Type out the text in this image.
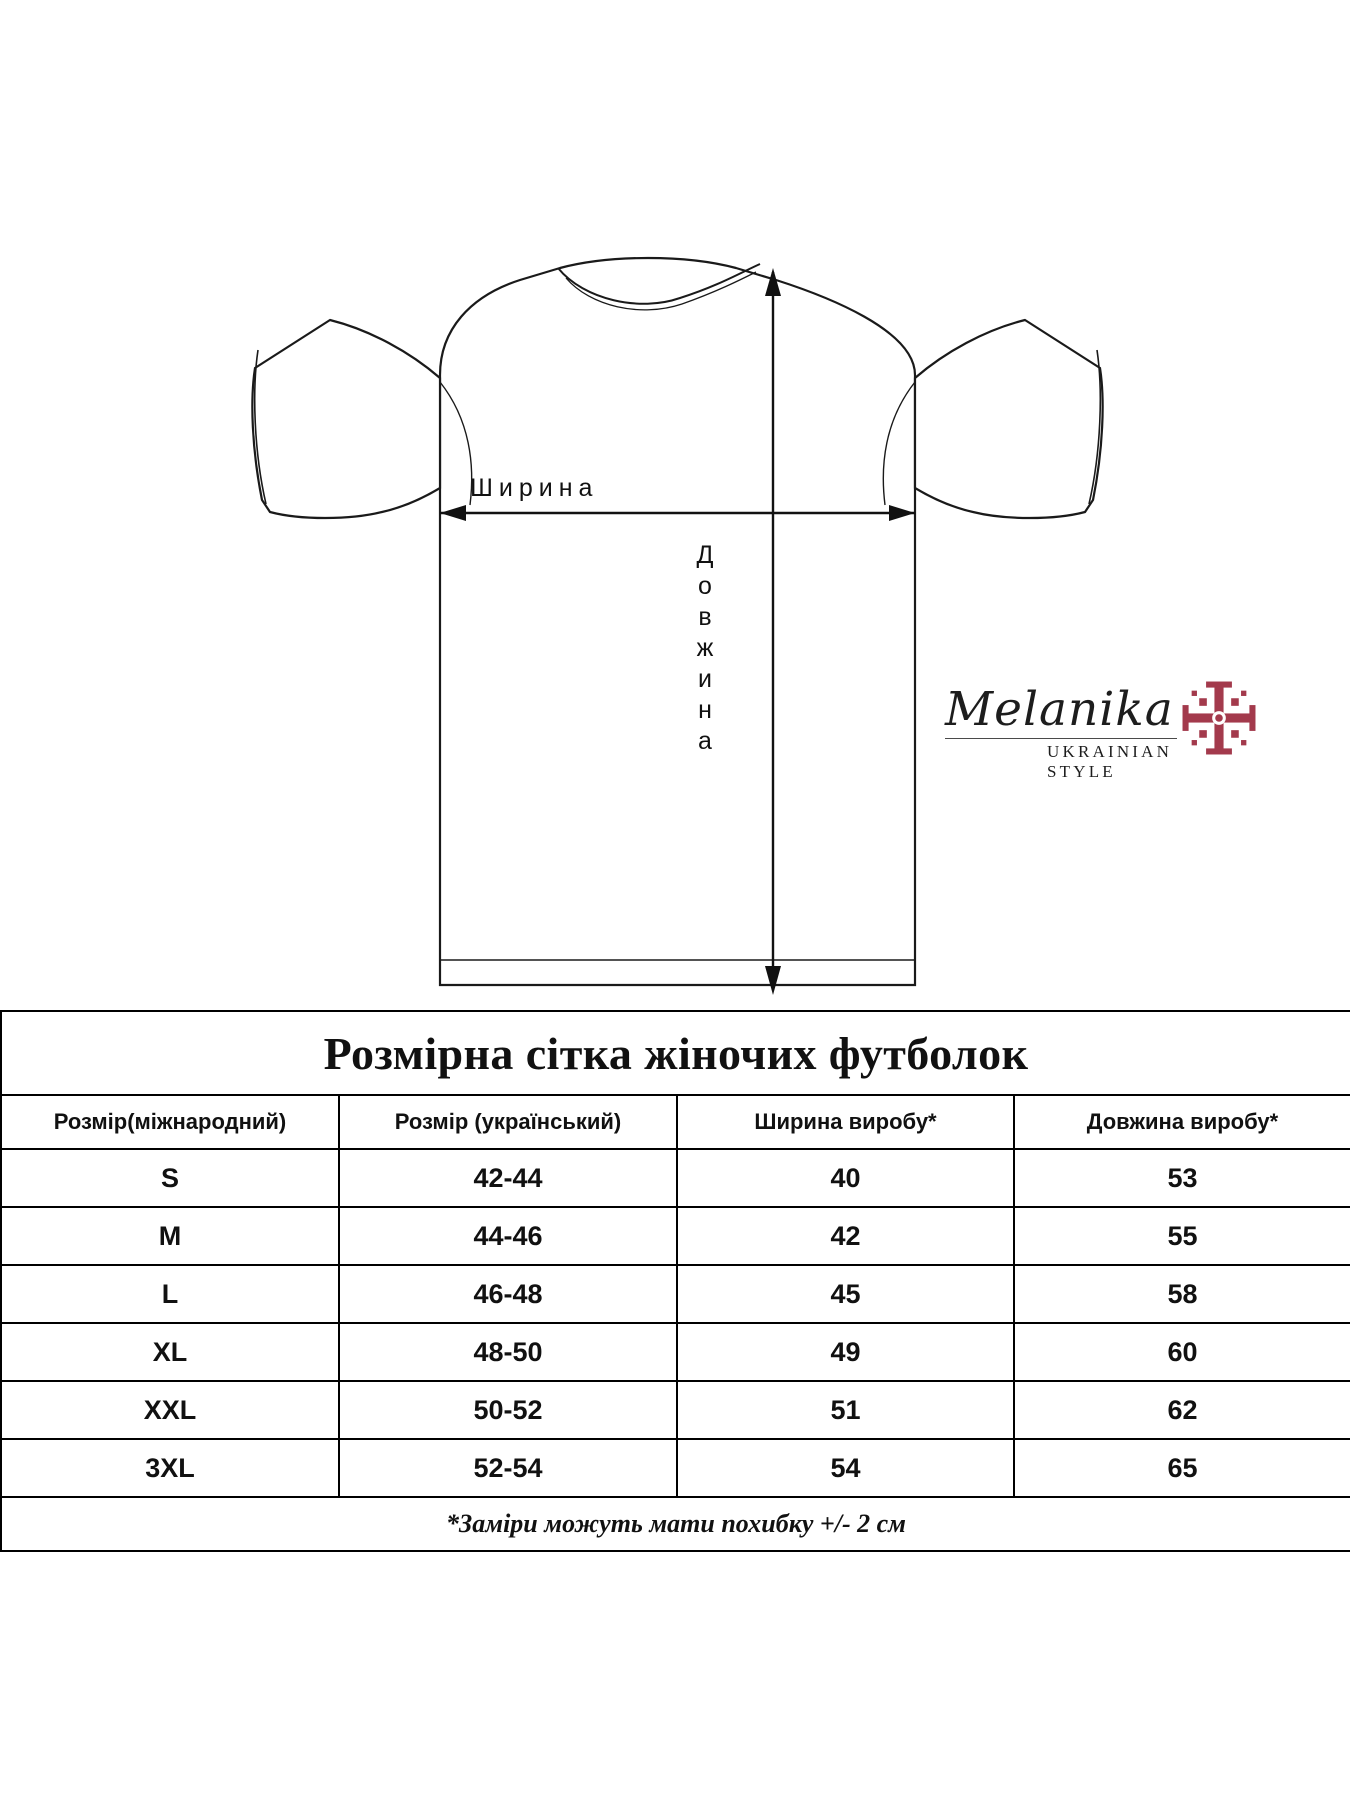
Ширина
Д
о
в
ж
и
н
а
Melanika
UKRAINIAN STYLE
Розмірна сітка жіночих футболок			
Розмір(міжнародний)	Розмір (український)	Ширина виробу*	Довжина виробу*
S	42-44	40	53
M	44-46	42	55
L	46-48	45	58
XL	48-50	49	60
XXL	50-52	51	62
3XL	52-54	54	65
*Заміри можуть мати похибку +/- 2 см			
